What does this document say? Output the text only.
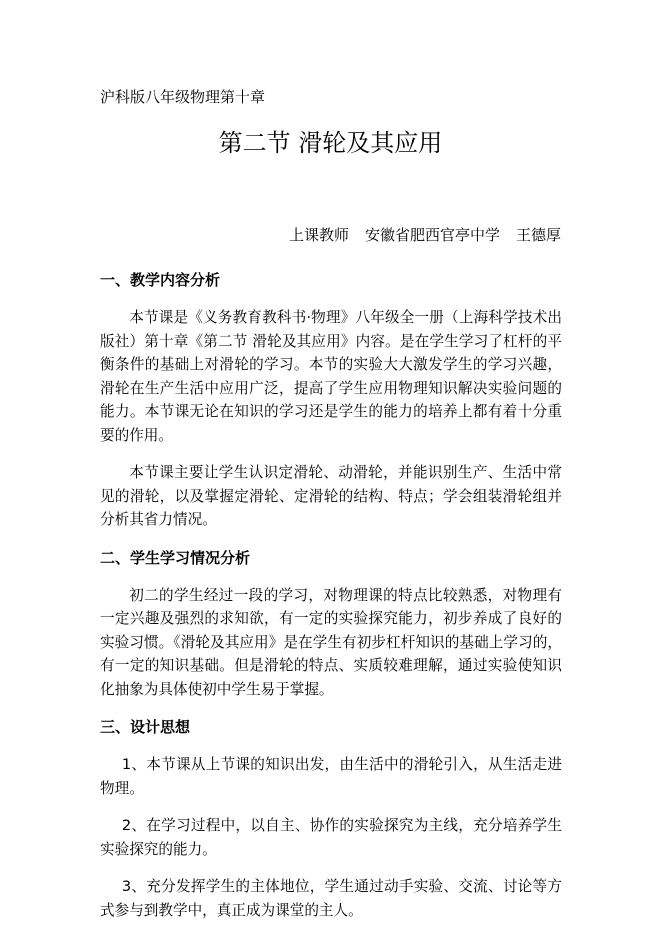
沪科版八年级物理第十章
第二节 滑轮及其应用
上课教师 安徽省肥西官亭中学 王德厚
一、教学内容分析

本节课是《义务教育教科书·物理》八年级全一册（上海科学技术出版社）第十章《第二节 滑轮及其应用》内容。是在学生学习了杠杆的平衡条件的基础上对滑轮的学习。本节的实验大大激发学生的学习兴趣，滑轮在生产生活中应用广泛，提高了学生应用物理知识解决实验问题的能力。本节课无论在知识的学习还是学生的能力的培养上都有着十分重要的作用。

本节课主要让学生认识定滑轮、动滑轮，并能识别生产、生活中常见的滑轮，以及掌握定滑轮、定滑轮的结构、特点；学会组装滑轮组并分析其省力情况。

二、学生学习情况分析

初二的学生经过一段的学习，对物理课的特点比较熟悉，对物理有一定兴趣及强烈的求知欲，有一定的实验探究能力，初步养成了良好的实验习惯。《滑轮及其应用》是在学生有初步杠杆知识的基础上学习的，有一定的知识基础。但是滑轮的特点、实质较难理解，通过实验使知识化抽象为具体使初中学生易于掌握。

三、设计思想

1、本节课从上节课的知识出发，由生活中的滑轮引入，从生活走进物理。

2、在学习过程中，以自主、协作的实验探究为主线，充分培养学生实验探究的能力。

3、充分发挥学生的主体地位，学生通过动手实验、交流、讨论等方式参与到教学中，真正成为课堂的主人。
